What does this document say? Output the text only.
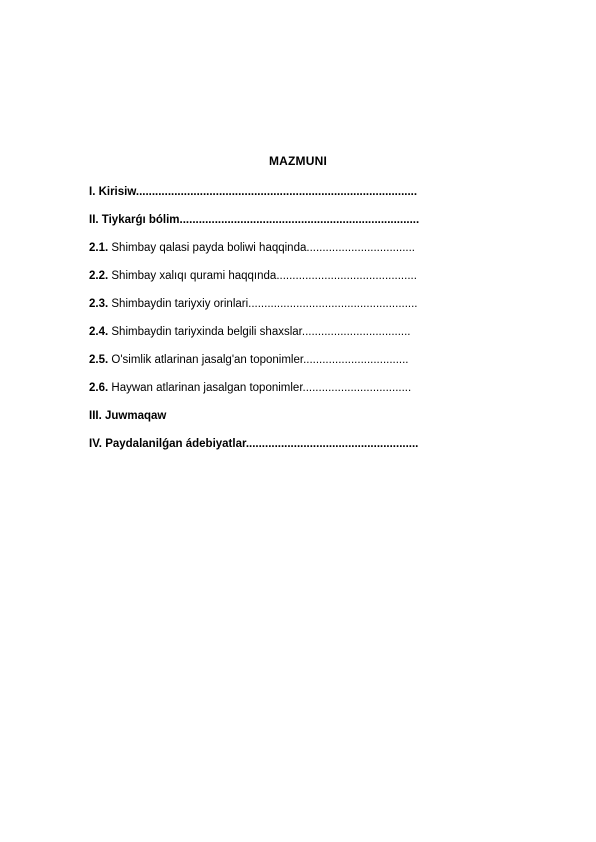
MAZMUNI
I. Kirisiw........................................................................................
II. Tiykarǵı bólim...........................................................................
2.1. Shimbay qalasi payda boliwi haqqinda..................................
2.2. Shimbay xalıqı qurami haqqında............................................
2.3. Shimbaydin tariyxiy orinlari.....................................................
2.4. Shimbaydin tariyxinda belgili shaxslar..................................
2.5. O'simlik atlarinan jasalg'an toponimler.................................
2.6. Haywan atlarinan jasalgan toponimler..................................
III. Juwmaqaw
IV. Paydalanilǵan ádebiyatlar......................................................
